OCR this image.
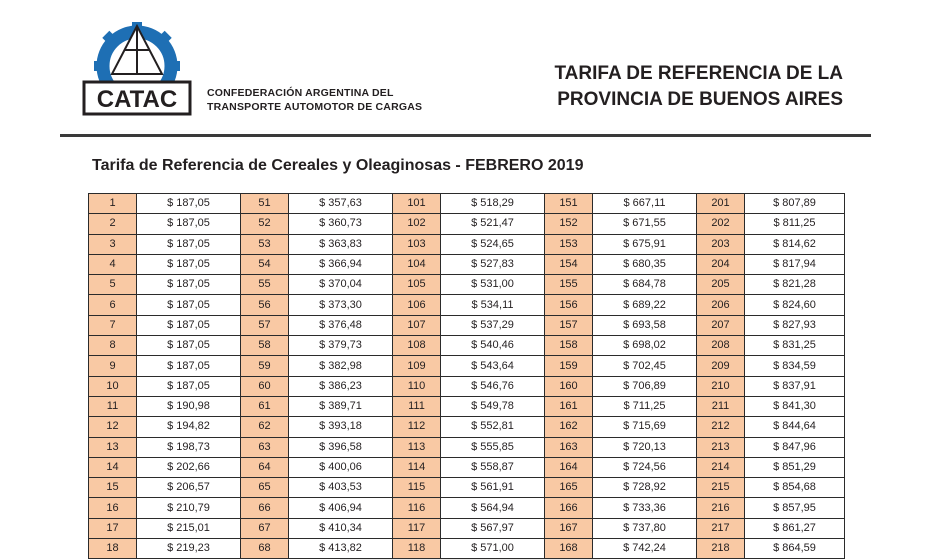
CATAC	CONFEDERACIÓN ARGENTINA DEL
TRANSPORTE AUTOMOTOR DE CARGAS
TARIFA DE REFERENCIA DE LA
PROVINCIA DE BUENOS AIRES
Tarifa de Referencia de Cereales y Oleaginosas - FEBRERO 2019
1	$ 187,05	51	$ 357,63	101	$ 518,29	151	$ 667,11	201	$ 807,89
2	$ 187,05	52	$ 360,73	102	$ 521,47	152	$ 671,55	202	$ 811,25
3	$ 187,05	53	$ 363,83	103	$ 524,65	153	$ 675,91	203	$ 814,62
4	$ 187,05	54	$ 366,94	104	$ 527,83	154	$ 680,35	204	$ 817,94
5	$ 187,05	55	$ 370,04	105	$ 531,00	155	$ 684,78	205	$ 821,28
6	$ 187,05	56	$ 373,30	106	$ 534,11	156	$ 689,22	206	$ 824,60
7	$ 187,05	57	$ 376,48	107	$ 537,29	157	$ 693,58	207	$ 827,93
8	$ 187,05	58	$ 379,73	108	$ 540,46	158	$ 698,02	208	$ 831,25
9	$ 187,05	59	$ 382,98	109	$ 543,64	159	$ 702,45	209	$ 834,59
10	$ 187,05	60	$ 386,23	110	$ 546,76	160	$ 706,89	210	$ 837,91
11	$ 190,98	61	$ 389,71	111	$ 549,78	161	$ 711,25	211	$ 841,30
12	$ 194,82	62	$ 393,18	112	$ 552,81	162	$ 715,69	212	$ 844,64
13	$ 198,73	63	$ 396,58	113	$ 555,85	163	$ 720,13	213	$ 847,96
14	$ 202,66	64	$ 400,06	114	$ 558,87	164	$ 724,56	214	$ 851,29
15	$ 206,57	65	$ 403,53	115	$ 561,91	165	$ 728,92	215	$ 854,68
16	$ 210,79	66	$ 406,94	116	$ 564,94	166	$ 733,36	216	$ 857,95
17	$ 215,01	67	$ 410,34	117	$ 567,97	167	$ 737,80	217	$ 861,27
18	$ 219,23	68	$ 413,82	118	$ 571,00	168	$ 742,24	218	$ 864,59
